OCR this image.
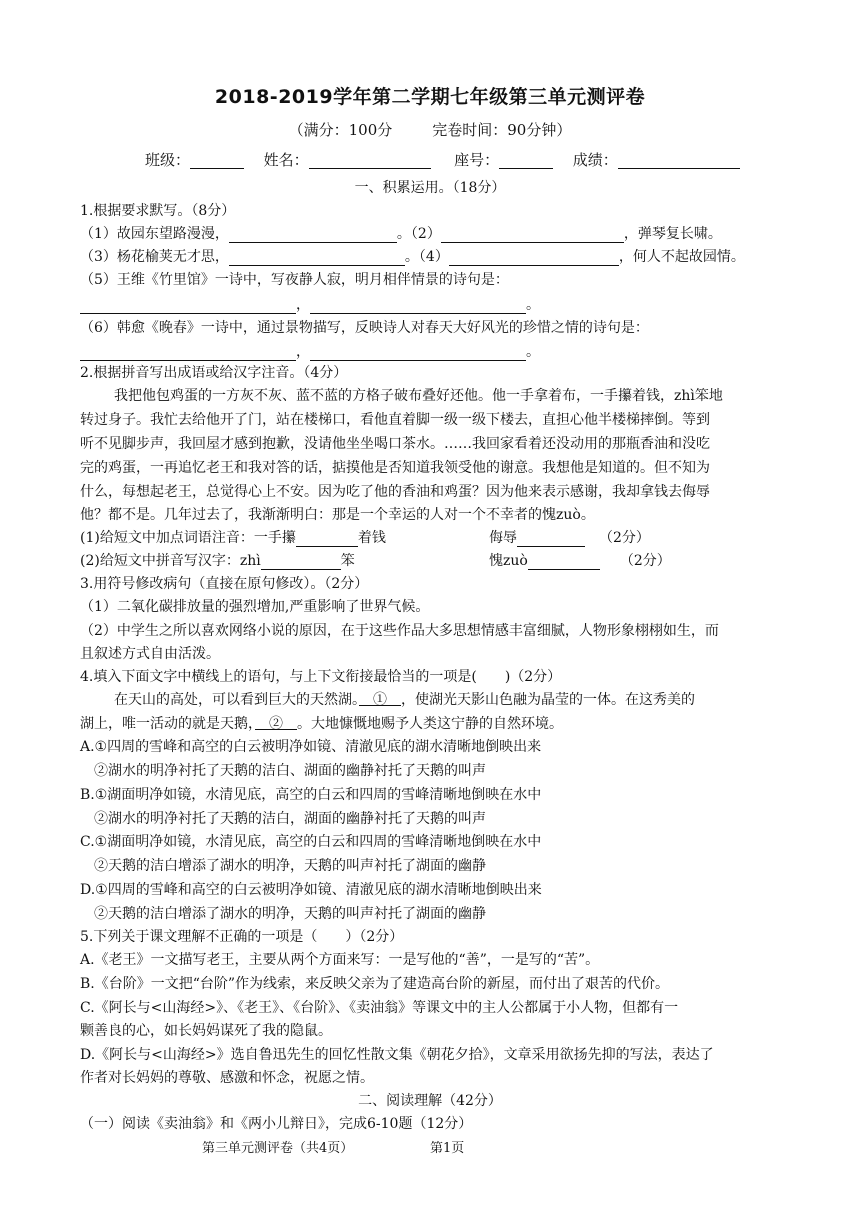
2018-2019学年第二学期七年级第三单元测评卷
（满分：100分	完卷时间：90分钟）
班级：	姓名：	座号：	成绩：
一、积累运用。（18分）
1.根据要求默写。（8分）
（1）故园东望路漫漫，	。（2）	，弹琴复长啸。
（3）杨花榆荚无才思，	。（4）	，何人不起故园情。
（5）王维《竹里馆》一诗中，写夜静人寂，明月相伴情景的诗句是：
，	。
（6）韩愈《晚春》一诗中，通过景物描写，反映诗人对春天大好风光的珍惜之情的诗句是：
，	。
2.根据拼音写出成语或给汉字注音。（4分）
我把他包鸡蛋的一方灰不灰、蓝不蓝的方格子破布叠好还他。他一手拿着布，一手攥着钱，zhì笨地
转过身子。我忙去给他开了门，站在楼梯口，看他直着脚一级一级下楼去，直担心他半楼梯摔倒。等到
听不见脚步声，我回屋才感到抱歉，没请他坐坐喝口茶水。……我回家看着还没动用的那瓶香油和没吃
完的鸡蛋，一再追忆老王和我对答的话，掂摸他是否知道我领受他的谢意。我想他是知道的。但不知为
什么，每想起老王，总觉得心上不安。因为吃了他的香油和鸡蛋？因为他来表示感谢，我却拿钱去侮辱
他？都不是。几年过去了，我渐渐明白：那是一个幸运的人对一个不幸者的愧zuò。
(1)给短文中加点词语注音：一手攥	着钱	侮辱	（2分）
(2)给短文中拼音写汉字：zhì	笨	愧zuò	（2分）
3.用符号修改病句（直接在原句修改）。（2分）
（1）二氧化碳排放量的强烈增加,严重影响了世界气候。
（2）中学生之所以喜欢网络小说的原因，在于这些作品大多思想情感丰富细腻，人物形象栩栩如生，而
且叙述方式自由活泼。
4.填入下面文字中横线上的语句，与上下文衔接最恰当的一项是(　　)（2分）
在天山的高处，可以看到巨大的天然湖。　①　，使湖光天影山色融为晶莹的一体。在这秀美的
湖上，唯一活动的就是天鹅，　②　。大地慷慨地赐予人类这宁静的自然环境。
A.①四周的雪峰和高空的白云被明净如镜、清澈见底的湖水清晰地倒映出来
②湖水的明净衬托了天鹅的洁白、湖面的幽静衬托了天鹅的叫声
B.①湖面明净如镜，水清见底，高空的白云和四周的雪峰清晰地倒映在水中
②湖水的明净衬托了天鹅的洁白，湖面的幽静衬托了天鹅的叫声
C.①湖面明净如镜，水清见底，高空的白云和四周的雪峰清晰地倒映在水中
②天鹅的洁白增添了湖水的明净，天鹅的叫声衬托了湖面的幽静
D.①四周的雪峰和高空的白云被明净如镜、清澈见底的湖水清晰地倒映出来
②天鹅的洁白增添了湖水的明净，天鹅的叫声衬托了湖面的幽静
5.下列关于课文理解不正确的一项是（　　）（2分）
A.《老王》一文描写老王，主要从两个方面来写：一是写他的“善”，一是写的“苦”。
B.《台阶》一文把“台阶”作为线索，来反映父亲为了建造高台阶的新屋，而付出了艰苦的代价。
C.《阿长与<山海经>》、《老王》、《台阶》、《卖油翁》等课文中的主人公都属于小人物，但都有一
颗善良的心，如长妈妈谋死了我的隐鼠。
D.《阿长与<山海经>》选自鲁迅先生的回忆性散文集《朝花夕拾》，文章采用欲扬先抑的写法，表达了
作者对长妈妈的尊敬、感激和怀念，祝愿之情。
二、阅读理解（42分）
（一）阅读《卖油翁》和《两小儿辩日》，完成6-10题（12分）
第三单元测评卷（共4页）	第1页
